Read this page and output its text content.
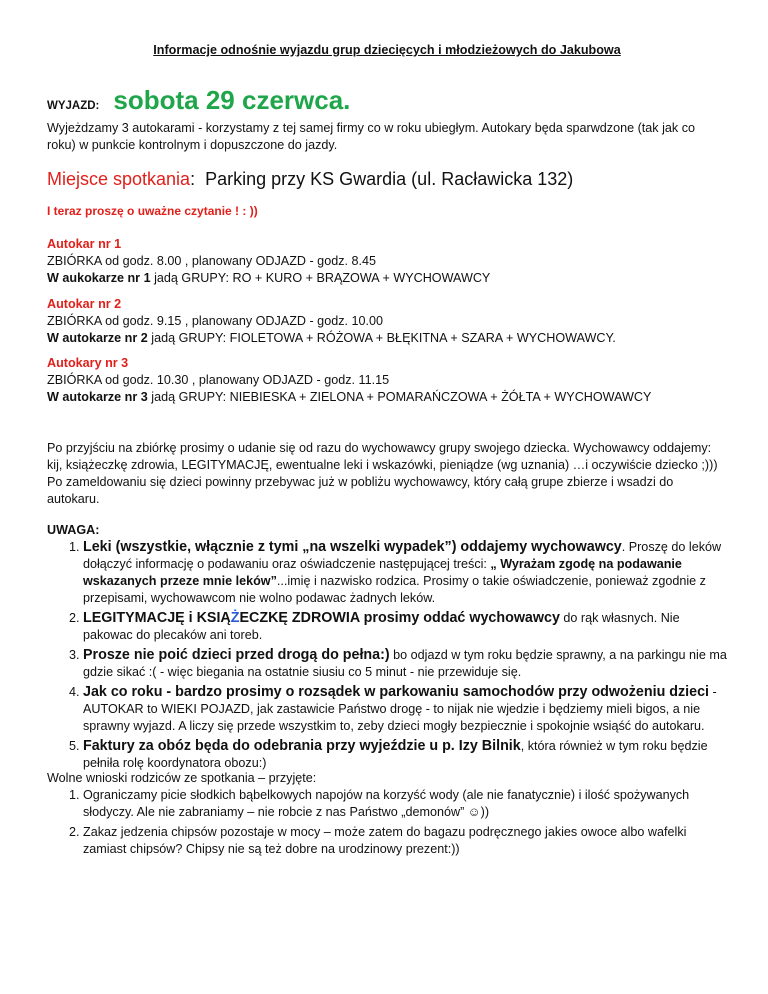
Informacje odnośnie wyjazdu grup dziecięcych i młodzieżowych do Jakubowa
WYJAZD: sobota 29 czerwca.
Wyjeżdzamy 3 autokarami - korzystamy z tej samej firmy co w roku ubiegłym. Autokary będa sparwdzone (tak jak co roku) w punkcie kontrolnym i dopuszczone do jazdy.
Miejsce spotkania: Parking przy KS Gwardia (ul. Racławicka 132)
I teraz proszę o uważne czytanie ! : ))
Autokar nr 1
ZBIÓRKA od godz. 8.00 , planowany ODJAZD - godz. 8.45
W aukokarze nr 1 jadą GRUPY: RO + KURO + BRĄZOWA + WYCHOWAWCY
Autokar nr 2
ZBIÓRKA od godz. 9.15 , planowany ODJAZD - godz. 10.00
W autokarze nr 2 jadą GRUPY: FIOLETOWA + RÓŻOWA + BŁĘKITNA + SZARA + WYCHOWAWCY.
Autokary nr 3
ZBIÓRKA od godz. 10.30 , planowany ODJAZD - godz. 11.15
W autokarze nr 3 jadą GRUPY: NIEBIESKA + ZIELONA + POMARAŃCZOWA + ŻÓŁTA + WYCHOWAWCY
Po przyjściu na zbiórkę prosimy o udanie się od razu do wychowawcy grupy swojego dziecka. Wychowawcy oddajemy: kij, książeczkę zdrowia, LEGITYMACJĘ, ewentualne leki i wskazówki, pieniądze (wg uznania) …i oczywiście dziecko ;))) Po zameldowaniu się dzieci powinny przebywac już w pobliżu wychowawcy, który całą grupe zbierze i wsadzi do autokaru.
UWAGA:
1. Leki (wszystkie, włącznie z tymi „na wszelki wypadek”) oddajemy wychowawcy. Proszę do leków dołączyć informację o podawaniu oraz oświadczenie następującej treści: „ Wyrażam zgodę na podawanie wskazanych przeze mnie leków”...imię i nazwisko rodzica. Prosimy o takie oświadczenie, ponieważ zgodnie z przepisami, wychowawcom nie wolno podawac żadnych leków.
2. LEGITYMACJĘ i KSIĄŻECZKĘ ZDROWIA prosimy oddać wychowawcy do rąk własnych. Nie pakowac do plecaków ani toreb.
3. Prosze nie poić dzieci przed drogą do pełna:) bo odjazd w tym roku będzie sprawny, a na parkingu nie ma gdzie sikać :( - więc biegania na ostatnie siusiu co 5 minut - nie przewiduje się.
4. Jak co roku - bardzo prosimy o rozsądek w parkowaniu samochodów przy odwożeniu dzieci - AUTOKAR to WIEKI POJAZD, jak zastawicie Państwo drogę - to nijak nie wjedzie i będziemy mieli bigos, a nie sprawny wyjazd. A liczy się przede wszystkim to, zeby dzieci mogły bezpiecznie i spokojnie wsiąść do autokaru.
5. Faktury za obóz będa do odebrania przy wyjeździe u p. Izy Bilnik, która również w tym roku będzie pełniła rolę koordynatora obozu:)
Wolne wnioski rodziców ze spotkania – przyjęte:
1. Ograniczamy picie słodkich bąbelkowych napojów na korzyść wody (ale nie fanatycznie) i ilość spożywanych słodyczy. Ale nie zabraniamy – nie robcie z nas Państwo „demonów” ☺))
2. Zakaz jedzenia chipsów pozostaje w mocy – może zatem do bagazu podręcznego jakies owoce albo wafelki zamiast chipsów? Chipsy nie są też dobre na urodzinowy prezent:))
